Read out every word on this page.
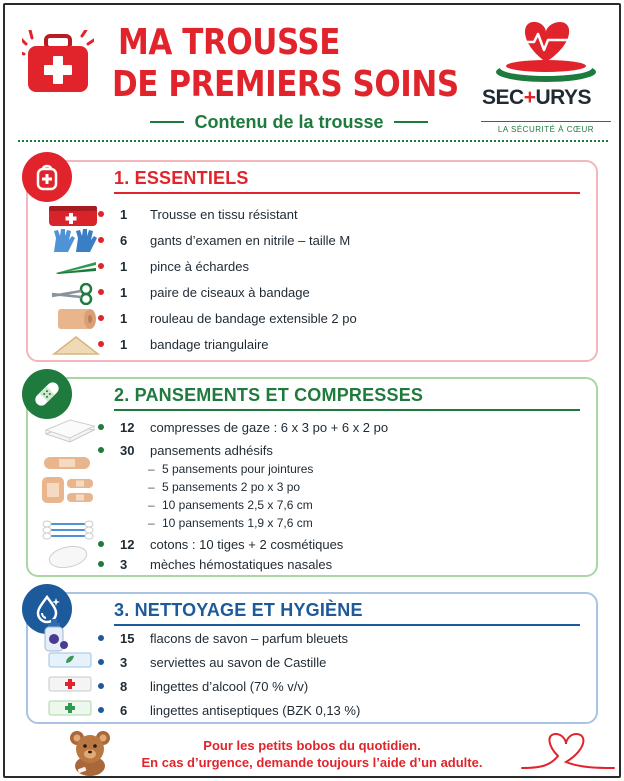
MA TROUSSE
DE PREMIERS SOINS
Contenu de la trousse
SEC+URYS
LA SÉCURITÉ À CŒUR
1. ESSENTIELS
1	Trousse en tissu résistant
6	gants d’examen en nitrile – taille M
1	pince à échardes
1	paire de ciseaux à bandage
1	rouleau de bandage extensible 2 po
1	bandage triangulaire
2. PANSEMENTS ET COMPRESSES
12	compresses de gaze : 6 x 3 po + 6 x 2 po
30	pansements adhésifs
– 5 pansements pour jointures
– 5 pansements 2 po x 3 po
– 10 pansements 2,5 x 7,6 cm
– 10 pansements 1,9 x 7,6 cm
12	cotons : 10 tiges + 2 cosmétiques
3	mèches hémostatiques nasales
3. NETTOYAGE ET HYGIÈNE
15	flacons de savon – parfum bleuets
3	serviettes au savon de Castille
8	lingettes d’alcool (70 % v/v)
6	lingettes antiseptiques (BZK 0,13 %)
Pour les petits bobos du quotidien.
En cas d’urgence, demande toujours l’aide d’un adulte.
